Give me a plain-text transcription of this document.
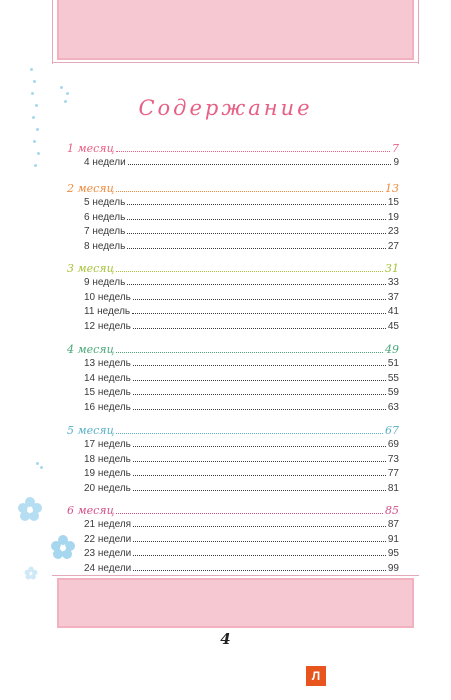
Содержание
1 месяц	7
4 недели	9
2 месяц	13
5 недель	15
6 недель	19
7 недель	23
8 недель	27
3 месяц	31
9 недель	33
10 недель	37
11 недель	41
12 недель	45
4 месяц	49
13 недель	51
14 недель	55
15 недель	59
16 недель	63
5 месяц	67
17 недель	69
18 недель	73
19 недель	77
20 недель	81
6 месяц	85
21 неделя	87
22 недели	91
23 недели	95
24 недели	99
4
Л
